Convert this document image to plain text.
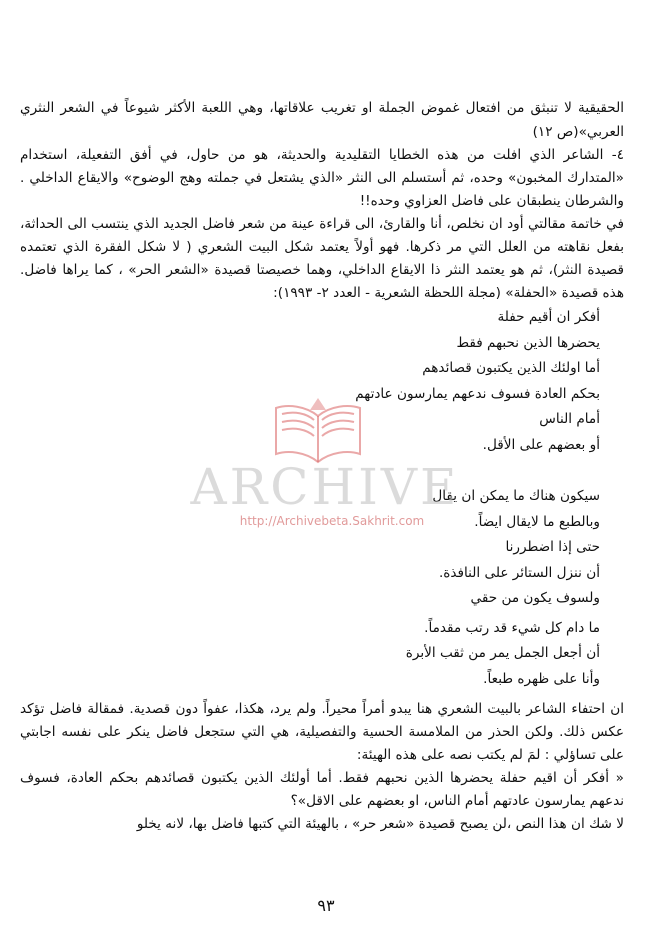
الحقيقية لا تنبثق من افتعال غموض الجملة او تغريب علاقاتها، وهي اللعبة الأكثر شيوعاً في الشعر النثري العربي»(ص ١٢)

٤- الشاعر الذي افلت من هذه الخطايا التقليدية والحديثة، هو من حاول، في أفق التفعيلة، استخدام «المتدارك المخبون» وحده، ثم أستسلم الى النثر «الذي يشتعل في جملته وهج الوضوح» والايقاع الداخلي . والشرطان ينطبقان على فاضل العزاوي وحده!!

في خاتمة مقالتي أود ان نخلص، أنا والقارئ، الى قراءة عينة من شعر فاضل الجديد الذي ينتسب الى الحداثة، بفعل نقاهته من العلل التي مر ذكرها. فهو أولاً يعتمد شكل البيت الشعري ( لا شكل الفقرة الذي تعتمده قصيدة النثر)، ثم هو يعتمد النثر ذا الايقاع الداخلي، وهما خصيصتا قصيدة «الشعر الحر» ، كما يراها فاضل. هذه قصيدة «الحفلة» (مجلة اللحظة الشعرية - العدد ٢- ١٩٩٣):

أفكر ان أقيم حفلة
يحضرها الذين نحبهم فقط
أما اولئك الذين يكتبون قصائدهم
بحكم العادة فسوف ندعهم يمارسون عادتهم
أمام الناس
أو بعضهم على الأقل.
سيكون هناك ما يمكن ان يقال
وبالطبع ما لايقال ايضاً.
حتى إذا اضطررنا
أن ننزل الستائر على النافذة.
ولسوف يكون من حقي
ما دام كل شيء قد رتب مقدماً.
أن أجعل الجمل يمر من ثقب الأبرة
وأنا على ظهره طبعاً.

ان احتفاء الشاعر بالبيت الشعري هنا يبدو أمراً محيراً. ولم يرد، هكذا، عفواً دون قصدية. فمقالة فاضل تؤكد عكس ذلك. ولكن الحذر من الملامسة الحسية والتفصيلية، هي التي ستجعل فاضل ينكر على نفسه اجابتي على تساؤلي : لمَ لم يكتب نصه على هذه الهيئة:

« أفكر أن اقيم حفلة يحضرها الذين نحبهم فقط. أما أولئك الذين يكتبون قصائدهم بحكم العادة، فسوف ندعهم يمارسون عادتهم أمام الناس، او بعضهم على الاقل»؟

لا شك ان هذا النص ،لن يصبح قصيدة «شعر حر» ، بالهيئة التي كتبها فاضل بها، لانه يخلو

ARCHIVE
http://Archivebeta.Sakhrit.com
٩٣
